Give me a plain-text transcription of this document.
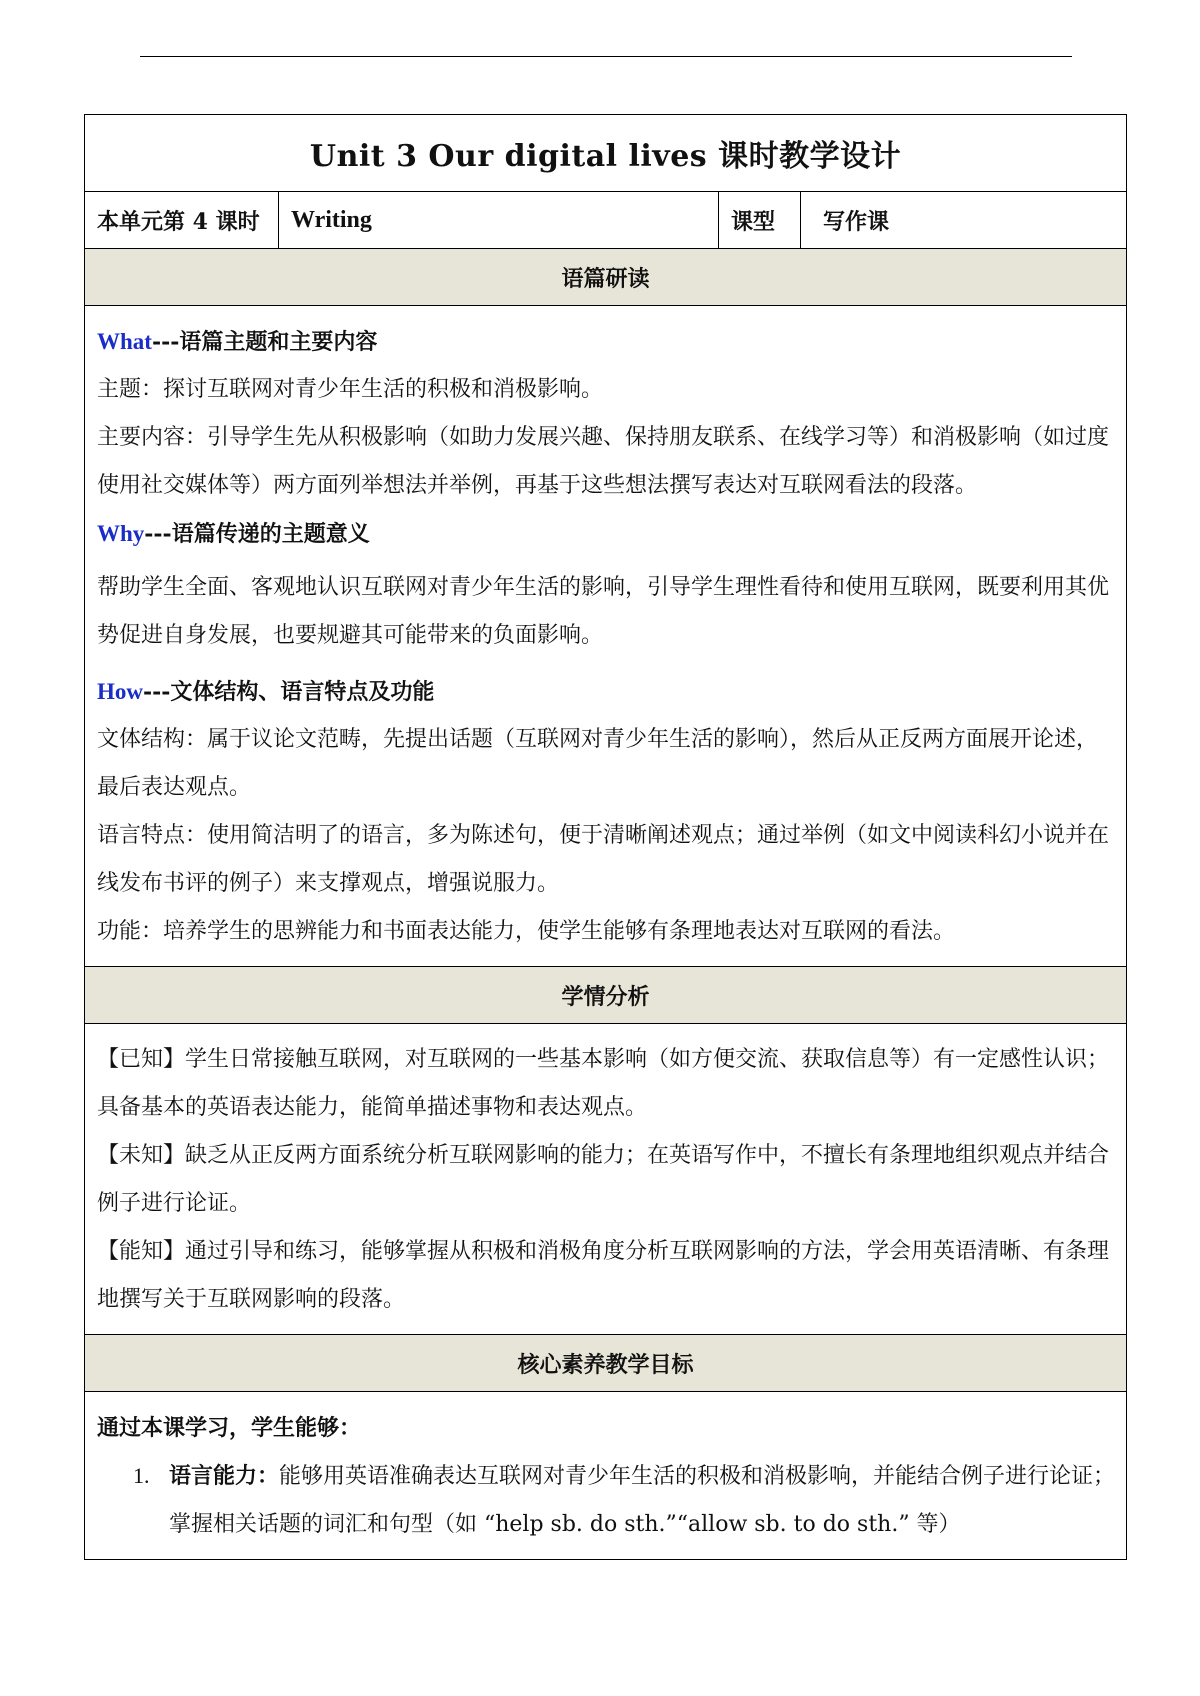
Unit 3 Our digital lives 课时教学设计
本单元第 4 课时	Writing	课型	写作课
语篇研读

What---语篇主题和主要内容

主题：探讨互联网对青少年生活的积极和消极影响。

主要内容：引导学生先从积极影响（如助力发展兴趣、保持朋友联系、在线学习等）和消极影响（如过度使用社交媒体等）两方面列举想法并举例，再基于这些想法撰写表达对互联网看法的段落。

Why---语篇传递的主题意义

帮助学生全面、客观地认识互联网对青少年生活的影响，引导学生理性看待和使用互联网，既要利用其优势促进自身发展，也要规避其可能带来的负面影响。

How---文体结构、语言特点及功能

文体结构：属于议论文范畴，先提出话题（互联网对青少年生活的影响），然后从正反两方面展开论述，最后表达观点。

语言特点：使用简洁明了的语言，多为陈述句，便于清晰阐述观点；通过举例（如文中阅读科幻小说并在线发布书评的例子）来支撑观点，增强说服力。

功能：培养学生的思辨能力和书面表达能力，使学生能够有条理地表达对互联网的看法。

学情分析

【已知】学生日常接触互联网，对互联网的一些基本影响（如方便交流、获取信息等）有一定感性认识；具备基本的英语表达能力，能简单描述事物和表达观点。

【未知】缺乏从正反两方面系统分析互联网影响的能力；在英语写作中，不擅长有条理地组织观点并结合例子进行论证。

【能知】通过引导和练习，能够掌握从积极和消极角度分析互联网影响的方法，学会用英语清晰、有条理地撰写关于互联网影响的段落。

核心素养教学目标

通过本课学习，学生能够：

1. 语言能力：能够用英语准确表达互联网对青少年生活的积极和消极影响，并能结合例子进行论证；掌握相关话题的词汇和句型（如 “help sb. do sth.”“allow sb. to do sth.” 等）
